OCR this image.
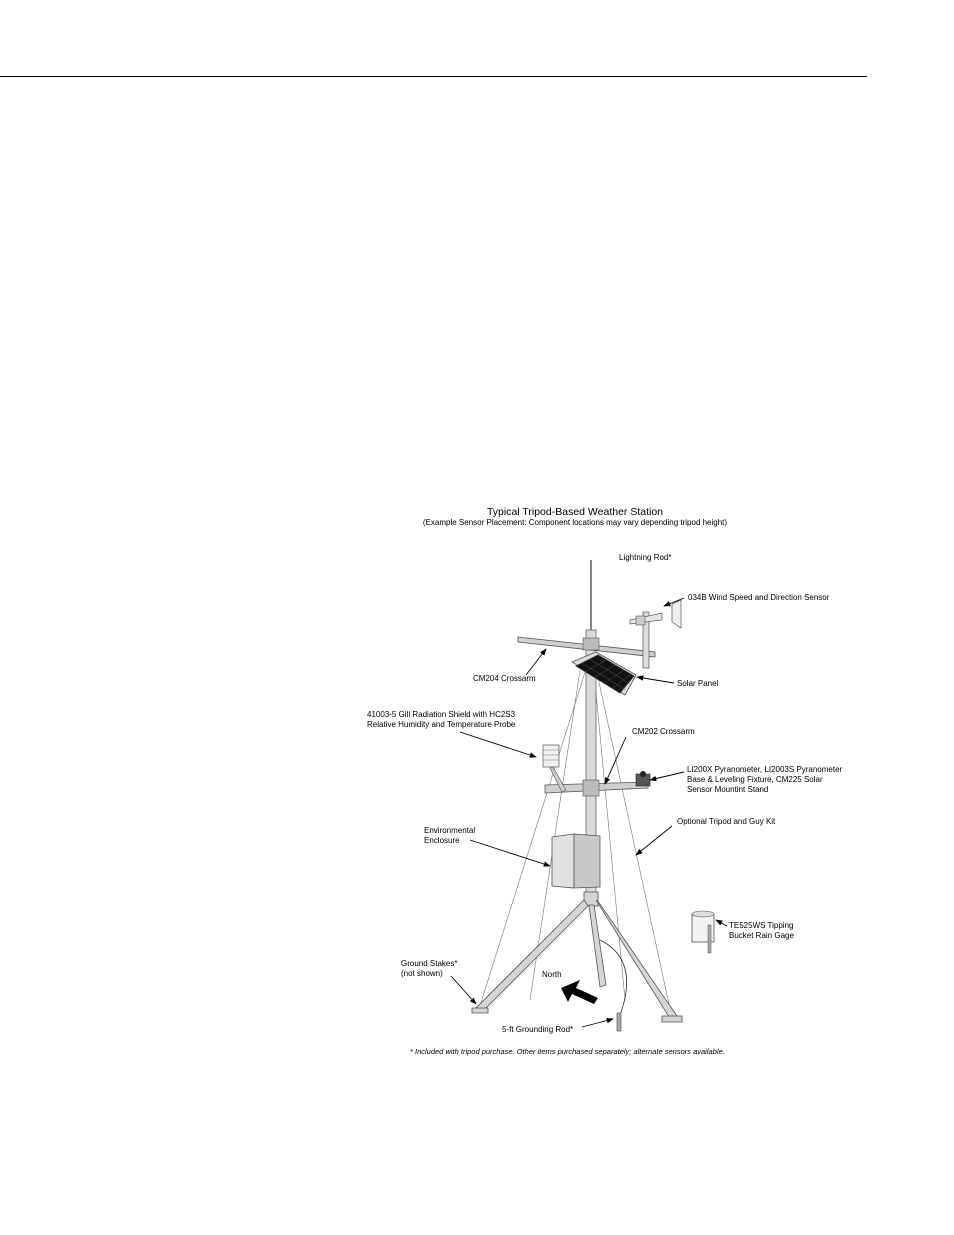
Typical Tripod-Based Weather Station
(Example Sensor Placement: Component locations may vary depending tripod height)
Lightning Rod*
034B Wind Speed and Direction Sensor
CM204 Crossarm
Solar Panel
41003-5 Gill Radiation Shield with HC2S3
Relative Humidity and Temperature Probe
CM202 Crossarm
LI200X Pyranometer, LI2003S Pyranometer
Base & Leveling Fixture, CM225 Solar
Sensor Mountint Stand
Environmental
Enclosure
Optional Tripod and Guy Kit
TE525WS Tipping
Bucket Rain Gage
Ground Stakes*
(not shown)	North
5-ft Grounding Rod*
* Included with tripod purchase. Other items purchased separately; alternate sensors available.
